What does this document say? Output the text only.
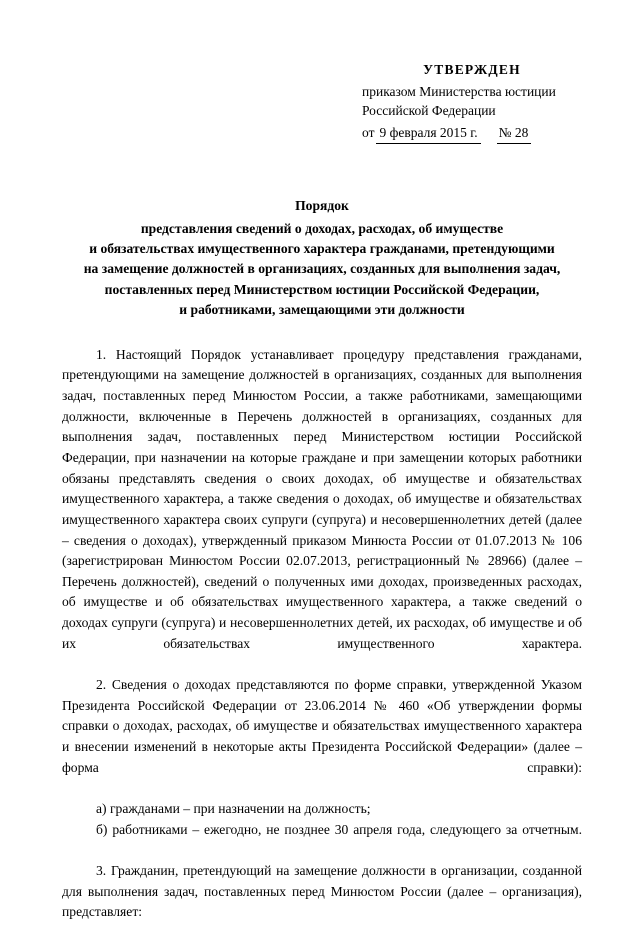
УТВЕРЖДЕН
приказом Министерства юстиции
Российской Федерации
от 9 февраля 2015 г. № 28
Порядок
представления сведений о доходах, расходах, об имуществе
и обязательствах имущественного характера гражданами, претендующими
на замещение должностей в организациях, созданных для выполнения задач,
поставленных перед Министерством юстиции Российской Федерации,
и работниками, замещающими эти должности

1. Настоящий Порядок устанавливает процедуру представления гражданами, претендующими на замещение должностей в организациях, созданных для выполнения задач, поставленных перед Минюстом России, а также работниками, замещающими должности, включенные в Перечень должностей в организациях, созданных для выполнения задач, поставленных перед Министерством юстиции Российской Федерации, при назначении на которые граждане и при замещении которых работники обязаны представлять сведения о своих доходах, об имуществе и обязательствах имущественного характера, а также сведения о доходах, об имуществе и обязательствах имущественного характера своих супруги (супруга) и несовершеннолетних детей (далее – сведения о доходах), утвержденный приказом Минюста России от 01.07.2013 № 106 (зарегистрирован Минюстом России 02.07.2013, регистрационный № 28966) (далее – Перечень должностей), сведений о полученных ими доходах, произведенных расходах, об имуществе и об обязательствах имущественного характера, а также сведений о доходах супруги (супруга) и несовершеннолетних детей, их расходах, об имуществе и об их обязательствах имущественного характера.

2. Сведения о доходах представляются по форме справки, утвержденной Указом Президента Российской Федерации от 23.06.2014 № 460 «Об утверждении формы справки о доходах, расходах, об имуществе и обязательствах имущественного характера и внесении изменений в некоторые акты Президента Российской Федерации» (далее – форма справки):

а) гражданами – при назначении на должность;

б) работниками – ежегодно, не позднее 30 апреля года, следующего за отчетным.

3. Гражданин, претендующий на замещение должности в организации, созданной для выполнения задач, поставленных перед Минюстом России (далее – организация), представляет:
